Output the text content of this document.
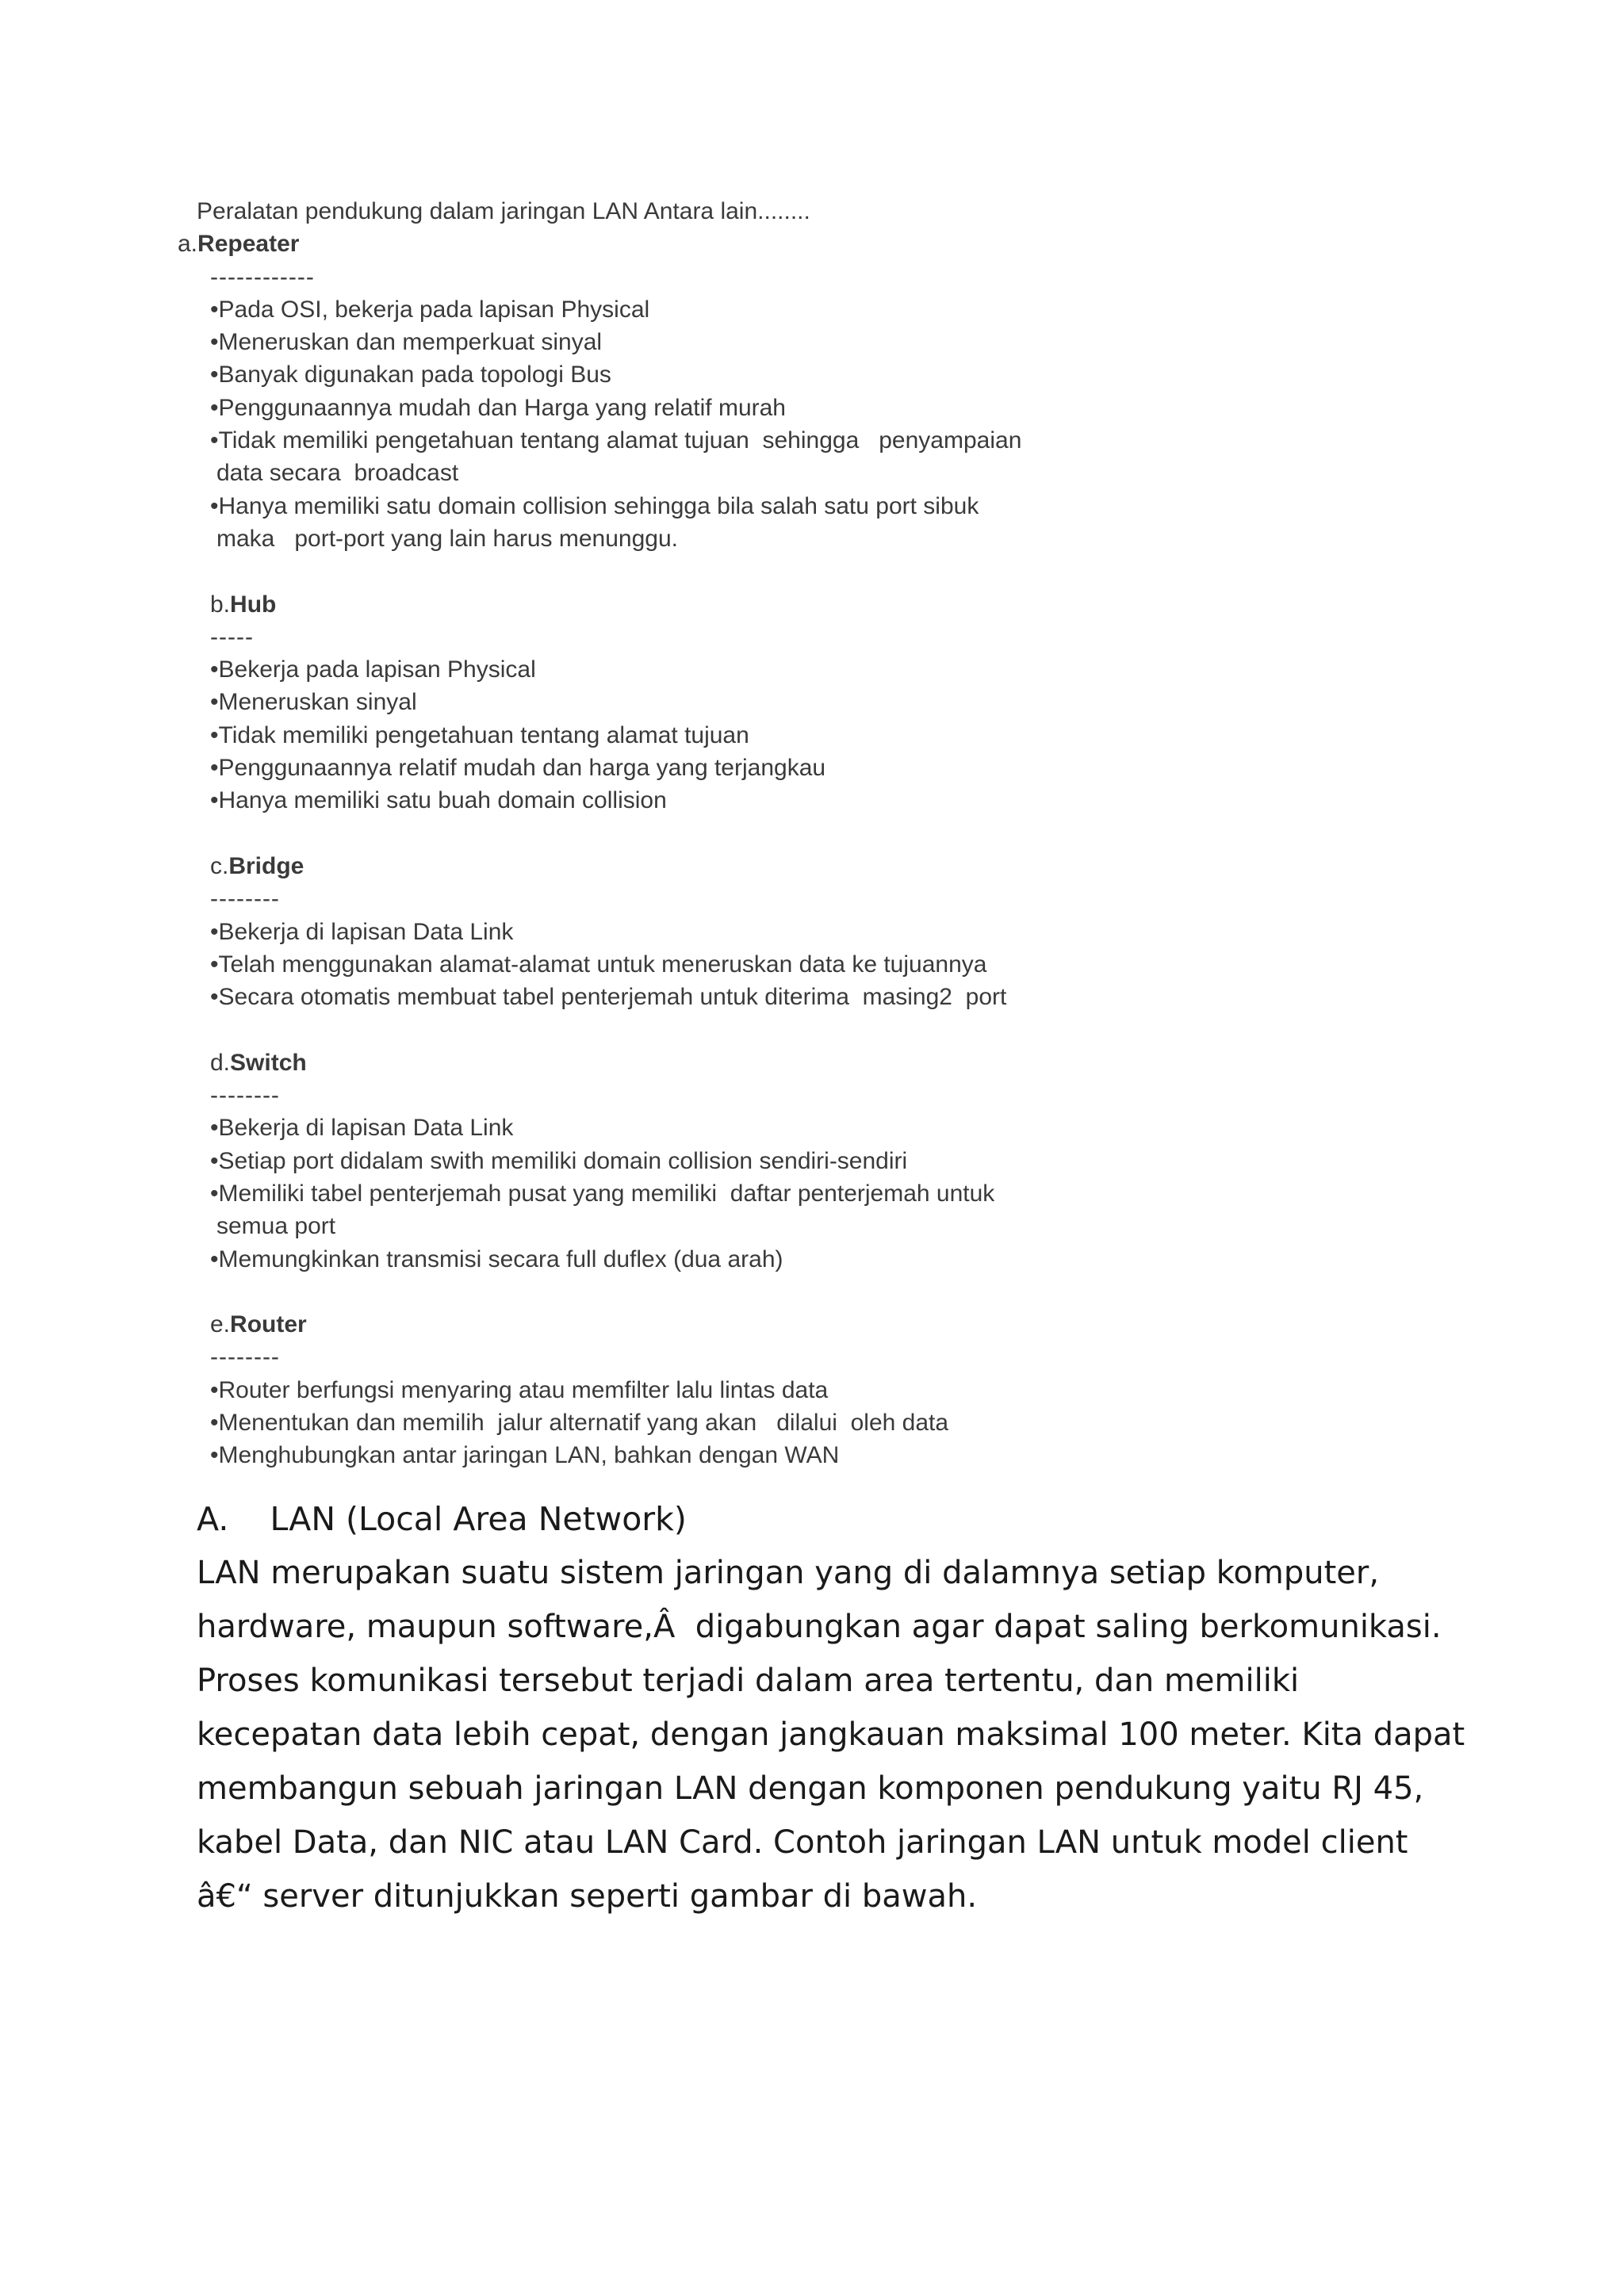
Peralatan pendukung dalam jaringan LAN Antara lain........
a.Repeater
------------
•Pada OSI, bekerja pada lapisan Physical
•Meneruskan dan memperkuat sinyal
•Banyak digunakan pada topologi Bus
•Penggunaannya mudah dan Harga yang relatif murah
•Tidak memiliki pengetahuan tentang alamat tujuan  sehingga   penyampaian
data secara  broadcast
•Hanya memiliki satu domain collision sehingga bila salah satu port sibuk
maka   port-port yang lain harus menunggu.
b.Hub
-----
•Bekerja pada lapisan Physical
•Meneruskan sinyal
•Tidak memiliki pengetahuan tentang alamat tujuan
•Penggunaannya relatif mudah dan harga yang terjangkau
•Hanya memiliki satu buah domain collision
c.Bridge
--------
•Bekerja di lapisan Data Link
•Telah menggunakan alamat-alamat untuk meneruskan data ke tujuannya
•Secara otomatis membuat tabel penterjemah untuk diterima  masing2  port
d.Switch
--------
•Bekerja di lapisan Data Link
•Setiap port didalam swith memiliki domain collision sendiri-sendiri
•Memiliki tabel penterjemah pusat yang memiliki  daftar penterjemah untuk
semua port
•Memungkinkan transmisi secara full duflex (dua arah)
e.Router
--------
•Router berfungsi menyaring atau memfilter lalu lintas data
•Menentukan dan memilih  jalur alternatif yang akan   dilalui  oleh data
•Menghubungkan antar jaringan LAN, bahkan dengan WAN
A.    LAN (Local Area Network)
LAN merupakan suatu sistem jaringan yang di dalamnya setiap komputer,
hardware, maupun software,Â  digabungkan agar dapat saling berkomunikasi.
Proses komunikasi tersebut terjadi dalam area tertentu, dan memiliki
kecepatan data lebih cepat, dengan jangkauan maksimal 100 meter. Kita dapat
membangun sebuah jaringan LAN dengan komponen pendukung yaitu RJ 45,
kabel Data, dan NIC atau LAN Card. Contoh jaringan LAN untuk model client
â€“ server ditunjukkan seperti gambar di bawah.
